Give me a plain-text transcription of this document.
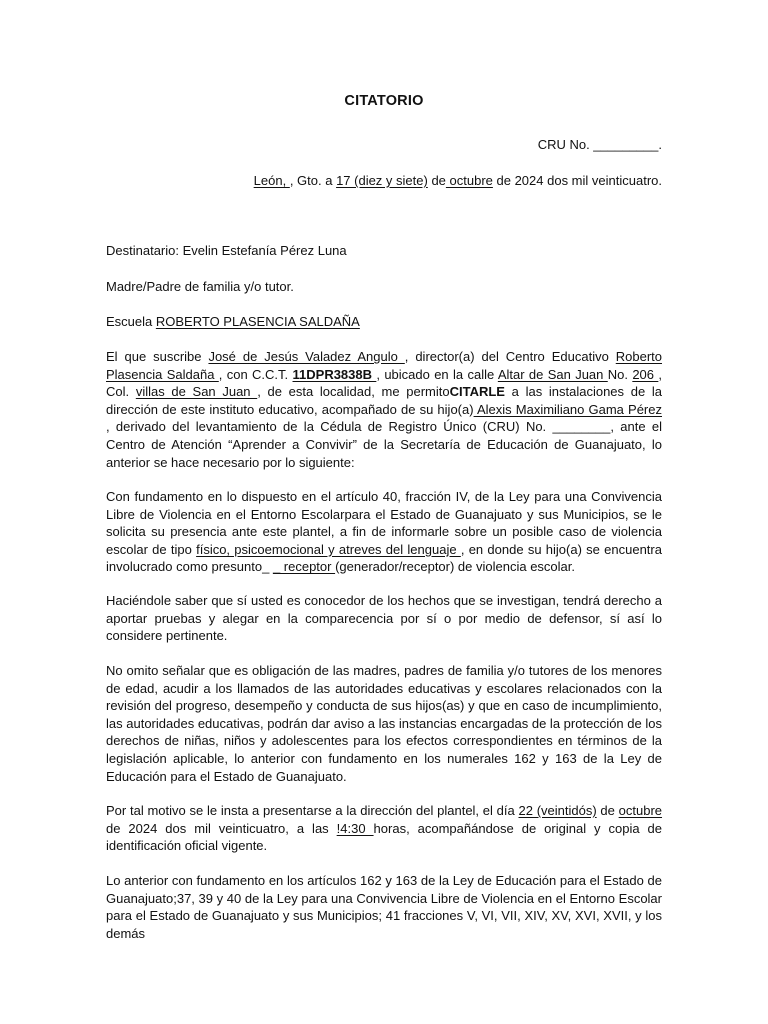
CITATORIO
CRU No. _________.
León, , Gto. a 17 (diez y siete) de octubre de 2024 dos mil veinticuatro.
Destinatario: Evelin Estefanía Pérez Luna
Madre/Padre de familia y/o tutor.
Escuela ROBERTO PLASENCIA SALDAÑA
El que suscribe José de Jesús Valadez Angulo , director(a) del Centro Educativo Roberto Plasencia Saldaña , con C.C.T. 11DPR3838B , ubicado en la calle Altar de San Juan No. 206 , Col. villas de San Juan , de esta localidad, me permitoCITARLE a las instalaciones de la dirección de este instituto educativo, acompañado de su hijo(a) Alexis Maximiliano Gama Pérez , derivado del levantamiento de la Cédula de Registro Único (CRU) No. ________, ante el Centro de Atención “Aprender a Convivir” de la Secretaría de Educación de Guanajuato, lo anterior se hace necesario por lo siguiente:
Con fundamento en lo dispuesto en el artículo 40, fracción IV, de la Ley para una Convivencia Libre de Violencia en el Entorno Escolarpara el Estado de Guanajuato y sus Municipios, se le solicita su presencia ante este plantel, a fin de informarle sobre un posible caso de violencia escolar de tipo físico, psicoemocional y atreves del lenguaje , en donde su hijo(a) se encuentra involucrado como presunto_ _ receptor (generador/receptor) de violencia escolar.
Haciéndole saber que sí usted es conocedor de los hechos que se investigan, tendrá derecho a aportar pruebas y alegar en la comparecencia por sí o por medio de defensor, sí así lo considere pertinente.
No omito señalar que es obligación de las madres, padres de familia y/o tutores de los menores de edad, acudir a los llamados de las autoridades educativas y escolares relacionados con la revisión del progreso, desempeño y conducta de sus hijos(as) y que en caso de incumplimiento, las autoridades educativas, podrán dar aviso a las instancias encargadas de la protección de los derechos de niñas, niños y adolescentes para los efectos correspondientes en términos de la legislación aplicable, lo anterior con fundamento en los numerales 162 y 163 de la Ley de Educación para el Estado de Guanajuato.
Por tal motivo se le insta a presentarse a la dirección del plantel, el día 22 (veintidós) de octubre de 2024 dos mil veinticuatro, a las !4:30 horas, acompañándose de original y copia de identificación oficial vigente.
Lo anterior con fundamento en los artículos 162 y 163 de la Ley de Educación para el Estado de Guanajuato;37, 39 y 40 de la Ley para una Convivencia Libre de Violencia en el Entorno Escolar para el Estado de Guanajuato y sus Municipios; 41 fracciones V, VI, VII, XIV, XV, XVI, XVII, y los demás
